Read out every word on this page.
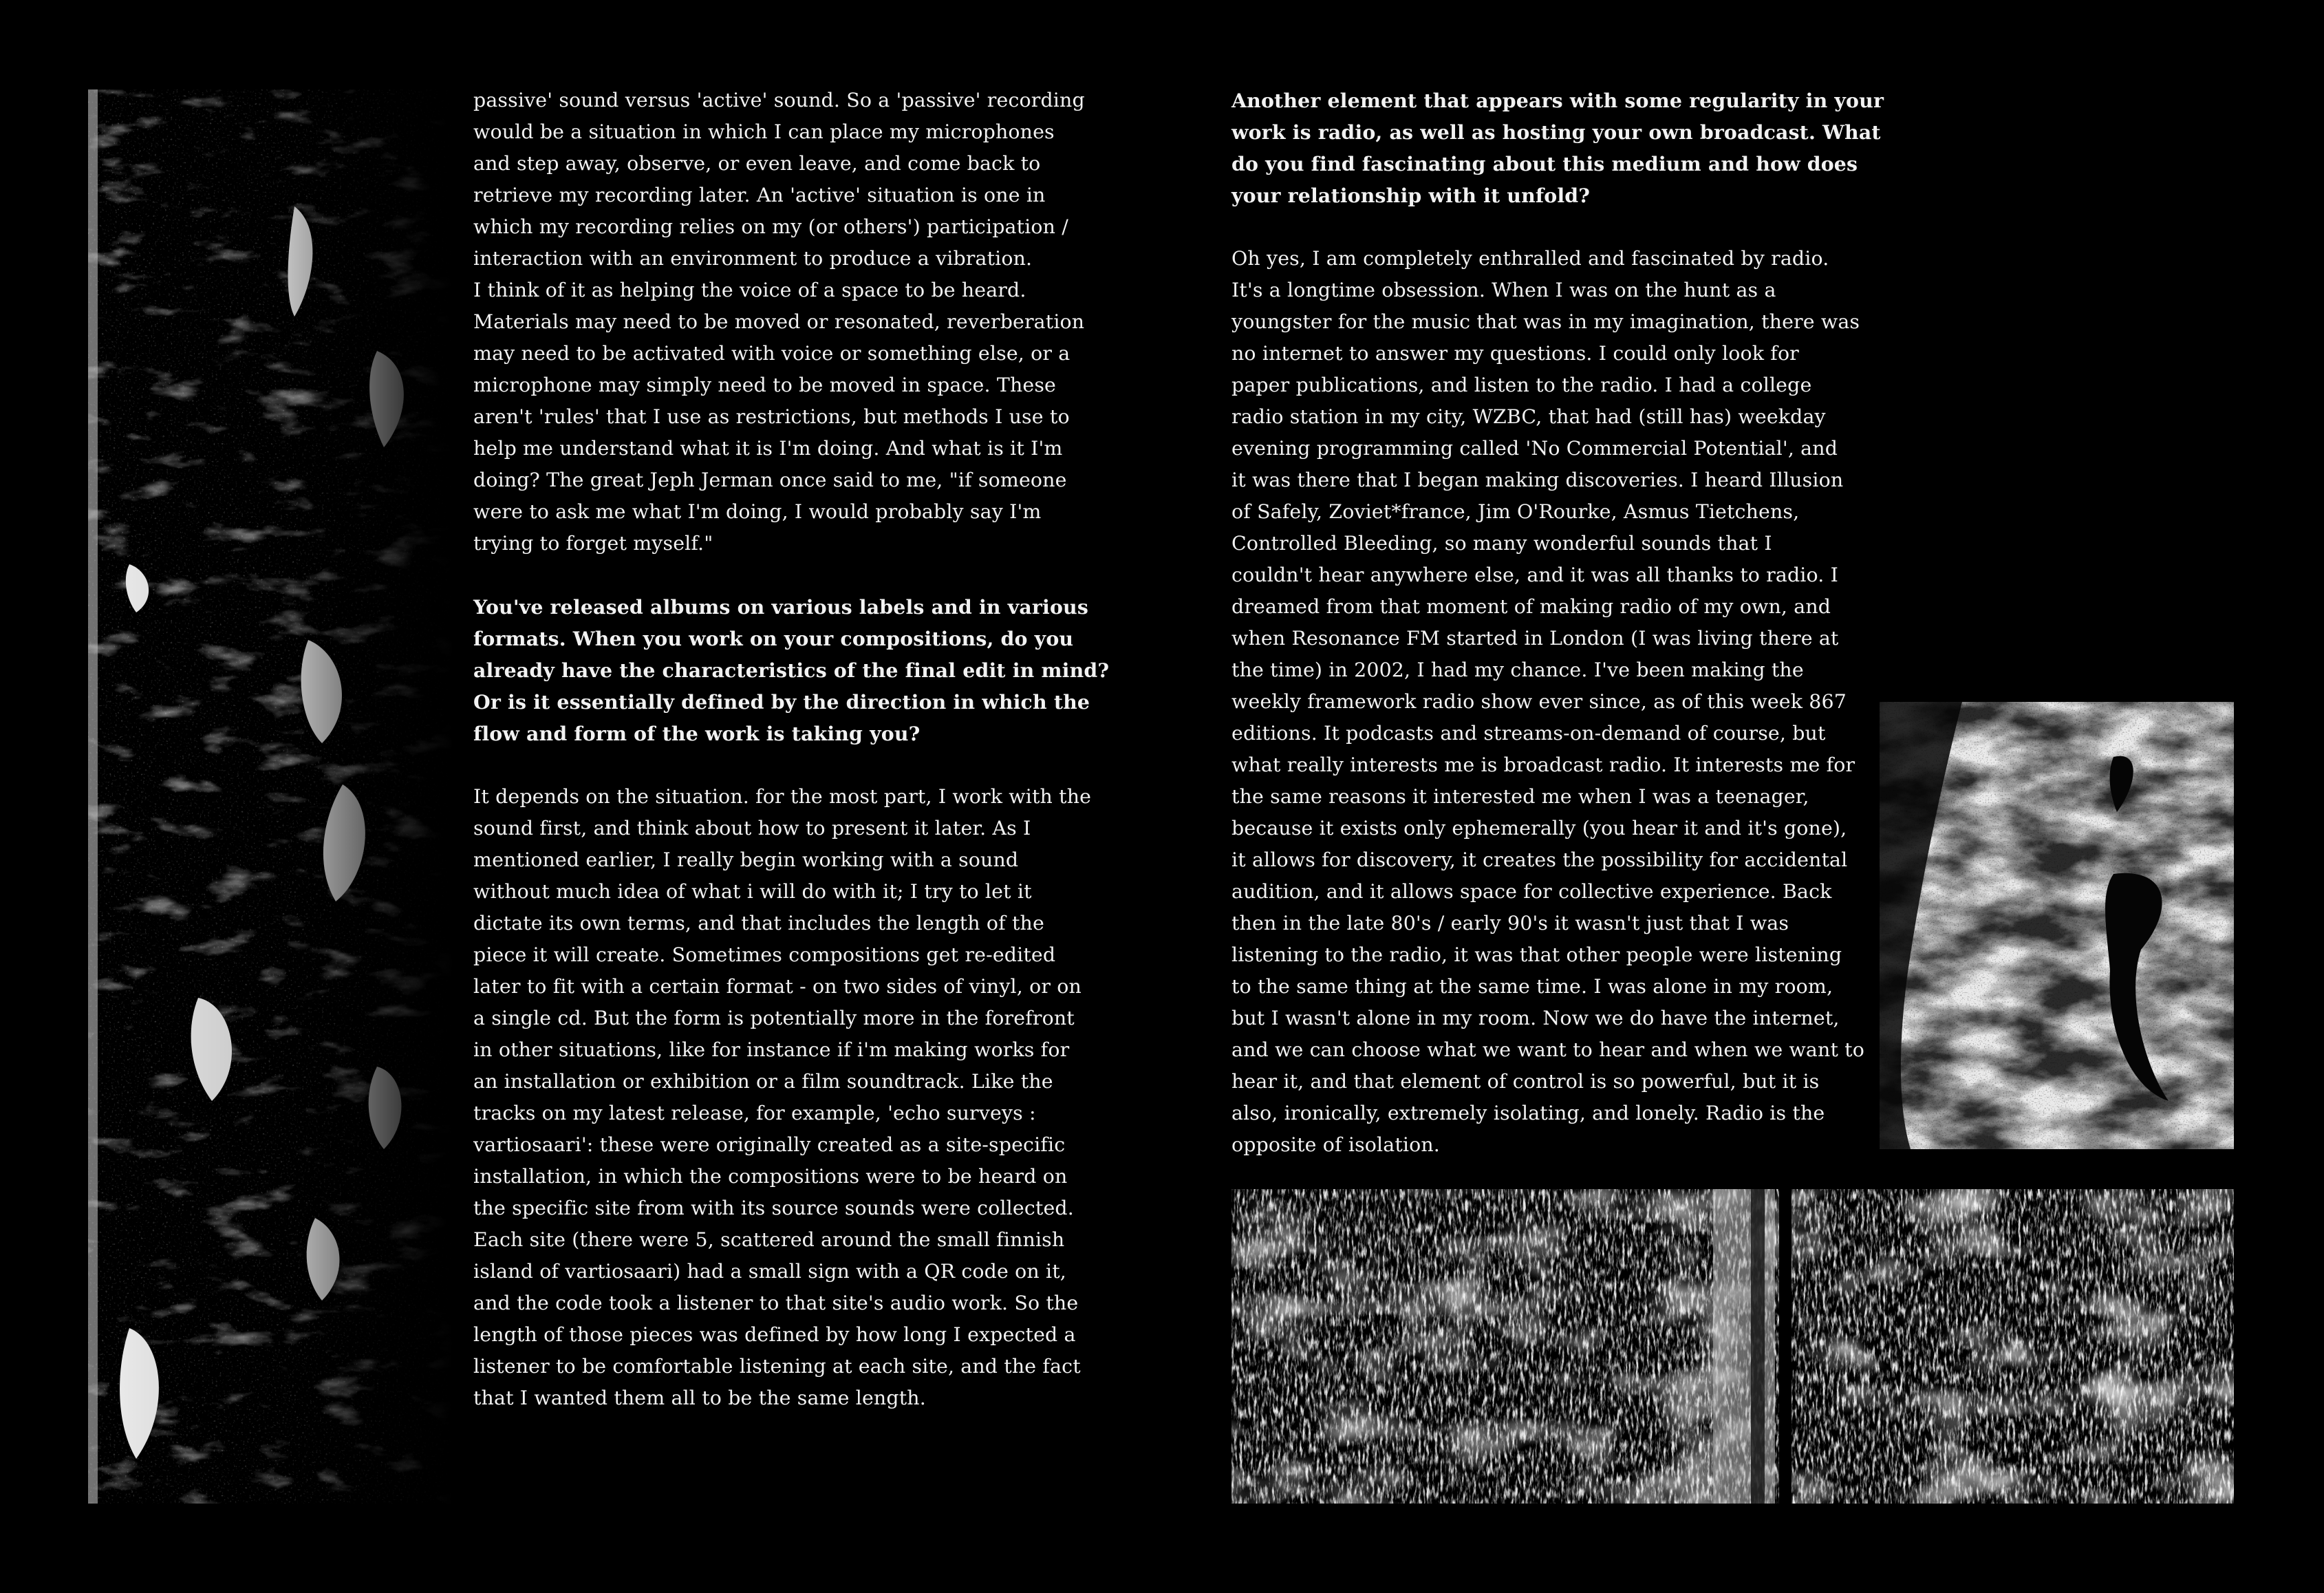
passive' sound versus 'active' sound. So a 'passive' recording
would be a situation in which I can place my microphones
and step away, observe, or even leave, and come back to
retrieve my recording later. An 'active' situation is one in
which my recording relies on my (or others') participation /
interaction with an environment to produce a vibration.
I think of it as helping the voice of a space to be heard.
Materials may need to be moved or resonated, reverberation
may need to be activated with voice or something else, or a
microphone may simply need to be moved in space. These
aren't 'rules' that I use as restrictions, but methods I use to
help me understand what it is I'm doing. And what is it I'm
doing? The great Jeph Jerman once said to me, "if someone
were to ask me what I'm doing, I would probably say I'm
trying to forget myself."

You've released albums on various labels and in various
formats. When you work on your compositions, do you
already have the characteristics of the final edit in mind?
Or is it essentially defined by the direction in which the
flow and form of the work is taking you?

It depends on the situation. for the most part, I work with the
sound first, and think about how to present it later. As I
mentioned earlier, I really begin working with a sound
without much idea of what i will do with it; I try to let it
dictate its own terms, and that includes the length of the
piece it will create. Sometimes compositions get re-edited
later to fit with a certain format - on two sides of vinyl, or on
a single cd. But the form is potentially more in the forefront
in other situations, like for instance if i'm making works for
an installation or exhibition or a film soundtrack. Like the
tracks on my latest release, for example, 'echo surveys :
vartiosaari': these were originally created as a site-specific
installation, in which the compositions were to be heard on
the specific site from with its source sounds were collected.
Each site (there were 5, scattered around the small finnish
island of vartiosaari) had a small sign with a QR code on it,
and the code took a listener to that site's audio work. So the
length of those pieces was defined by how long I expected a
listener to be comfortable listening at each site, and the fact
that I wanted them all to be the same length.

Another element that appears with some regularity in your
work is radio, as well as hosting your own broadcast. What
do you find fascinating about this medium and how does
your relationship with it unfold?

Oh yes, I am completely enthralled and fascinated by radio.
It's a longtime obsession. When I was on the hunt as a
youngster for the music that was in my imagination, there was
no internet to answer my questions. I could only look for
paper publications, and listen to the radio. I had a college
radio station in my city, WZBC, that had (still has) weekday
evening programming called 'No Commercial Potential', and
it was there that I began making discoveries. I heard Illusion
of Safely, Zoviet*france, Jim O'Rourke, Asmus Tietchens,
Controlled Bleeding, so many wonderful sounds that I
couldn't hear anywhere else, and it was all thanks to radio. I
dreamed from that moment of making radio of my own, and
when Resonance FM started in London (I was living there at
the time) in 2002, I had my chance. I've been making the
weekly framework radio show ever since, as of this week 867
editions. It podcasts and streams-on-demand of course, but
what really interests me is broadcast radio. It interests me for
the same reasons it interested me when I was a teenager,
because it exists only ephemerally (you hear it and it's gone),
it allows for discovery, it creates the possibility for accidental
audition, and it allows space for collective experience. Back
then in the late 80's / early 90's it wasn't just that I was
listening to the radio, it was that other people were listening
to the same thing at the same time. I was alone in my room,
but I wasn't alone in my room. Now we do have the internet,
and we can choose what we want to hear and when we want to
hear it, and that element of control is so powerful, but it is
also, ironically, extremely isolating, and lonely. Radio is the
opposite of isolation.
